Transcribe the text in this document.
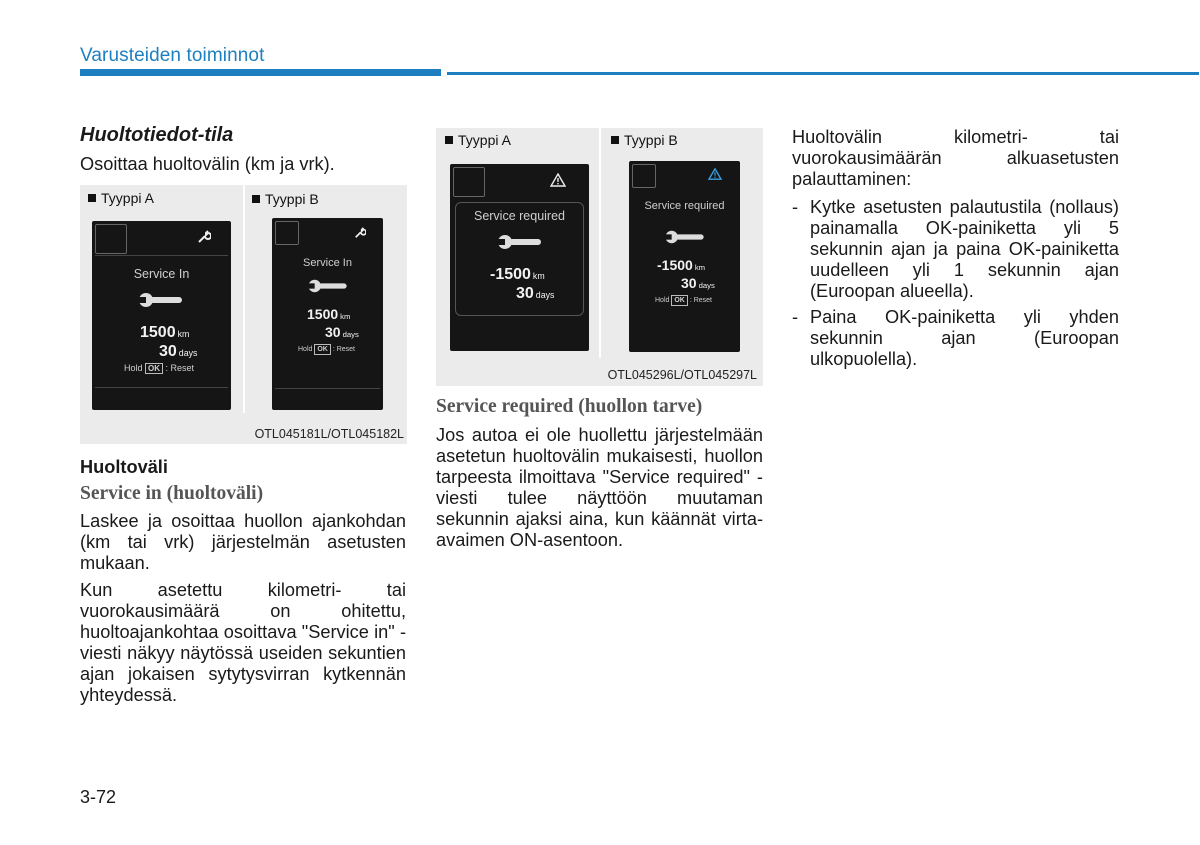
Varusteiden toiminnot
Huoltotiedot-tila
Osoittaa huoltovälin (km ja vrk).
Tyyppi A	Tyyppi B
Service In
1500 km
30 days
Hold OK : Reset
Service In
1500 km
30 days
Hold OK : Reset
OTL045181L/OTL045182L
Huoltoväli
Service in (huoltoväli)
Laskee ja osoittaa huollon ajankohdan (km tai vrk) järjestelmän asetusten mukaan.
Kun asetettu kilometri- tai vuorokausimäärä on ohitettu, huoltoajankohtaa osoittava "Service in" -viesti näkyy näytössä useiden sekuntien ajan jokaisen sytytysvirran kytkennän yhteydessä.
Tyyppi A	Tyyppi B
Service required
-1500 km
30 days
Service required
-1500 km
30 days
Hold OK : Reset
OTL045296L/OTL045297L
Service required (huollon tarve)
Jos autoa ei ole huollettu järjestelmään asetetun huoltovälin mukaisesti, huollon tarpeesta ilmoittava "Service required" -viesti tulee näyttöön muutaman sekunnin ajaksi aina, kun käännät virta-avaimen ON-asentoon.
Huoltovälin kilometri- tai vuorokausimäärän alkuasetusten palauttaminen:
- Kytke asetusten palautustila (nollaus) painamalla OK-painiketta yli 5 sekunnin ajan ja paina OK-painiketta uudelleen yli 1 sekunnin ajan (Euroopan alueella).
- Paina OK-painiketta yli yhden sekunnin ajan (Euroopan ulkopuolella).
3-72
